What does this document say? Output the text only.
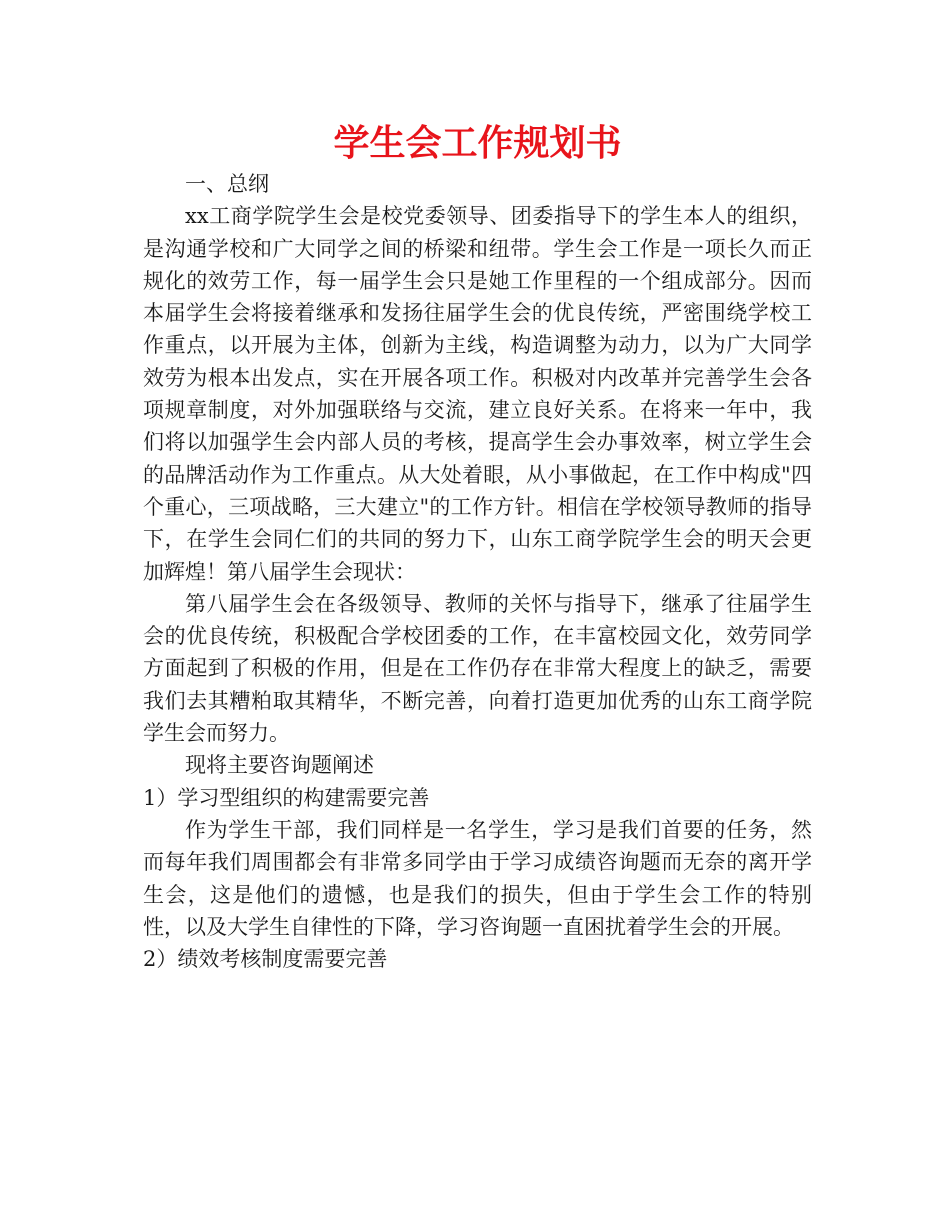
学生会工作规划书

一、总纲

xx工商学院学生会是校党委领导、团委指导下的学生本人的组织，是沟通学校和广大同学之间的桥梁和纽带。学生会工作是一项长久而正规化的效劳工作，每一届学生会只是她工作里程的一个组成部分。因而本届学生会将接着继承和发扬往届学生会的优良传统，严密围绕学校工作重点，以开展为主体，创新为主线，构造调整为动力，以为广大同学效劳为根本出发点，实在开展各项工作。积极对内改革并完善学生会各项规章制度，对外加强联络与交流，建立良好关系。在将来一年中，我们将以加强学生会内部人员的考核，提高学生会办事效率，树立学生会的品牌活动作为工作重点。从大处着眼，从小事做起，在工作中构成"四个重心，三项战略，三大建立"的工作方针。相信在学校领导教师的指导下，在学生会同仁们的共同的努力下，山东工商学院学生会的明天会更加辉煌！第八届学生会现状：

第八届学生会在各级领导、教师的关怀与指导下，继承了往届学生会的优良传统，积极配合学校团委的工作，在丰富校园文化，效劳同学方面起到了积极的作用，但是在工作仍存在非常大程度上的缺乏，需要我们去其糟粕取其精华，不断完善，向着打造更加优秀的山东工商学院学生会而努力。

现将主要咨询题阐述

1）学习型组织的构建需要完善

作为学生干部，我们同样是一名学生，学习是我们首要的任务，然而每年我们周围都会有非常多同学由于学习成绩咨询题而无奈的离开学生会，这是他们的遗憾，也是我们的损失，但由于学生会工作的特别性，以及大学生自律性的下降，学习咨询题一直困扰着学生会的开展。

2）绩效考核制度需要完善
